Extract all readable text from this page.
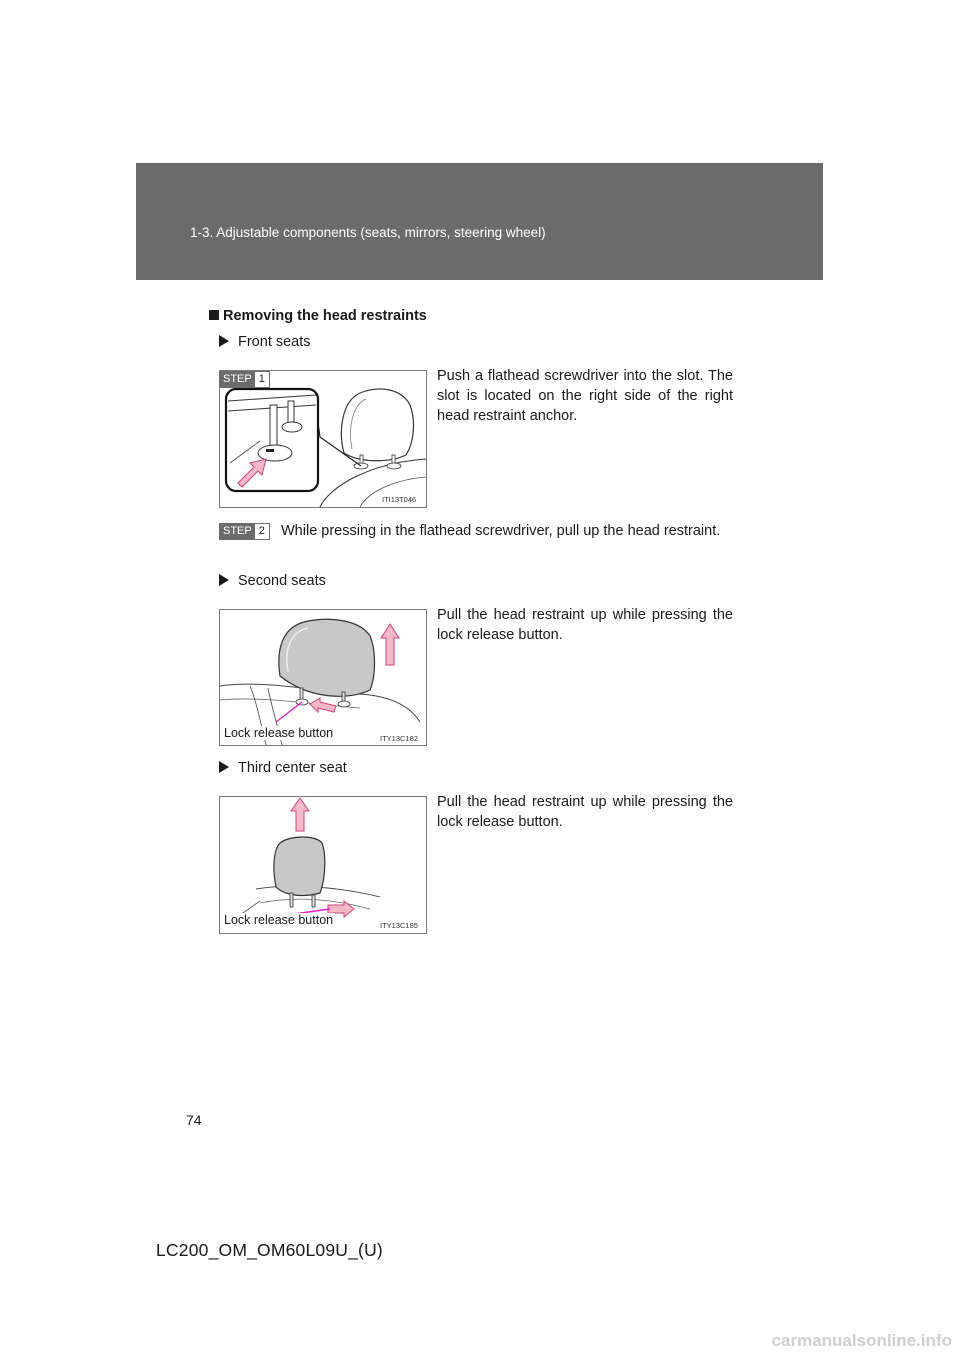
1-3. Adjustable components (seats, mirrors, steering wheel)
Removing the head restraints
Front seats
ITI13T046
STEP 1	Push a flathead screwdriver into the slot. The slot is located on the right side of the right head restraint anchor.
STEP 2 While pressing in the flathead screwdriver, pull up the head restraint.
Second seats
Lock release button	ITY13C182
Pull the head restraint up while pressing the lock release button.
Third center seat
Lock release button	ITY13C185
Pull the head restraint up while pressing the lock release button.
74
LC200_OM_OM60L09U_(U)
carmanualsonline.info
